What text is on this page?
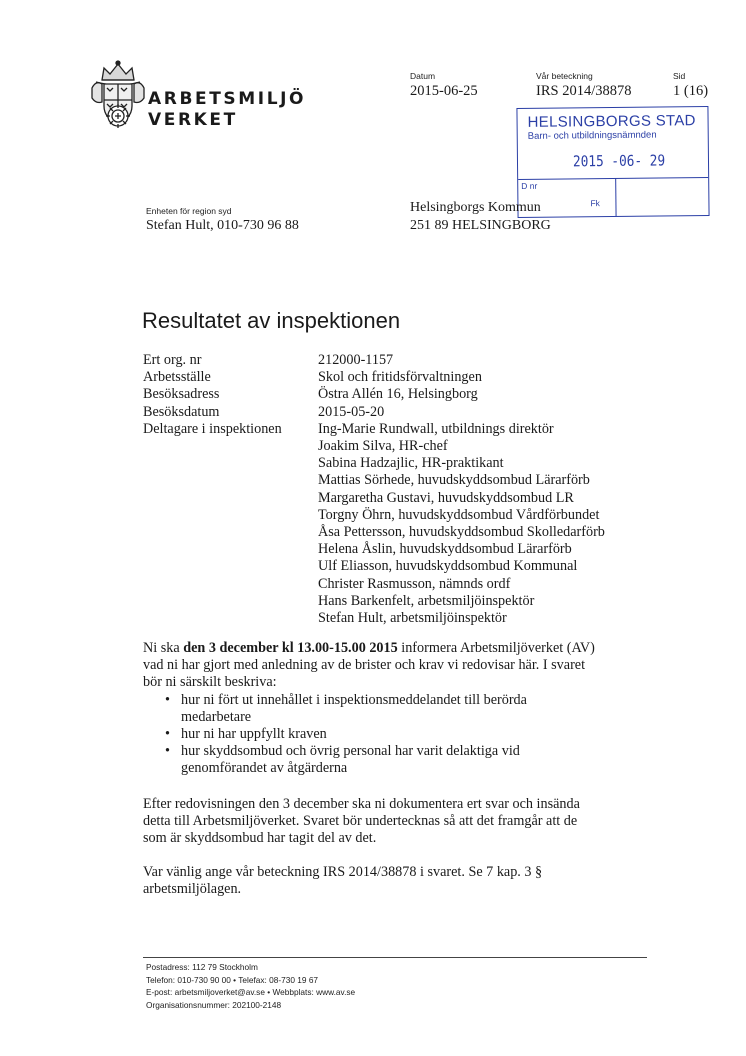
ARBETSMILJÖ
VERKET
Datum
2015-06-25
Vår beteckning
IRS 2014/38878
Sid
1 (16)
HELSINGBORGS STAD
Barn- och utbildningsnämnden
2015 -06- 29
D nr
Fk
Enheten för region syd
Stefan Hult, 010-730 96 88
Helsingborgs Kommun
251 89 HELSINGBORG
Resultatet av inspektionen
Ert org. nr
Arbetsställe
Besöksadress
Besöksdatum
Deltagare i inspektionen
212000-1157
Skol och fritidsförvaltningen
Östra Allén 16, Helsingborg
2015-05-20
Ing-Marie Rundwall, utbildnings direktör
Joakim Silva, HR-chef
Sabina Hadzajlic, HR-praktikant
Mattias Sörhede, huvudskyddsombud Lärarförb
Margaretha Gustavi, huvudskyddsombud LR
Torgny Öhrn, huvudskyddsombud Vårdförbundet
Åsa Pettersson, huvudskyddsombud Skolledarförb
Helena Åslin, huvudskyddsombud Lärarförb
Ulf Eliasson, huvudskyddsombud Kommunal
Christer Rasmusson, nämnds ordf
Hans Barkenfelt, arbetsmiljöinspektör
Stefan Hult, arbetsmiljöinspektör
Ni ska den 3 december kl 13.00-15.00 2015 informera Arbetsmiljöverket (AV)
vad ni har gjort med anledning av de brister och krav vi redovisar här. I svaret
bör ni särskilt beskriva:
• hur ni fört ut innehållet i inspektionsmeddelandet till berörda
medarbetare
• hur ni har uppfyllt kraven
• hur skyddsombud och övrig personal har varit delaktiga vid
genomförandet av åtgärderna
Efter redovisningen den 3 december ska ni dokumentera ert svar och insända
detta till Arbetsmiljöverket. Svaret bör undertecknas så att det framgår att de
som är skyddsombud har tagit del av det.
Var vänlig ange vår beteckning IRS 2014/38878 i svaret. Se 7 kap. 3 §
arbetsmiljölagen.
Postadress: 112 79 Stockholm
Telefon: 010-730 90 00 • Telefax: 08-730 19 67
E-post: arbetsmiljoverket@av.se • Webbplats: www.av.se
Organisationsnummer: 202100-2148
